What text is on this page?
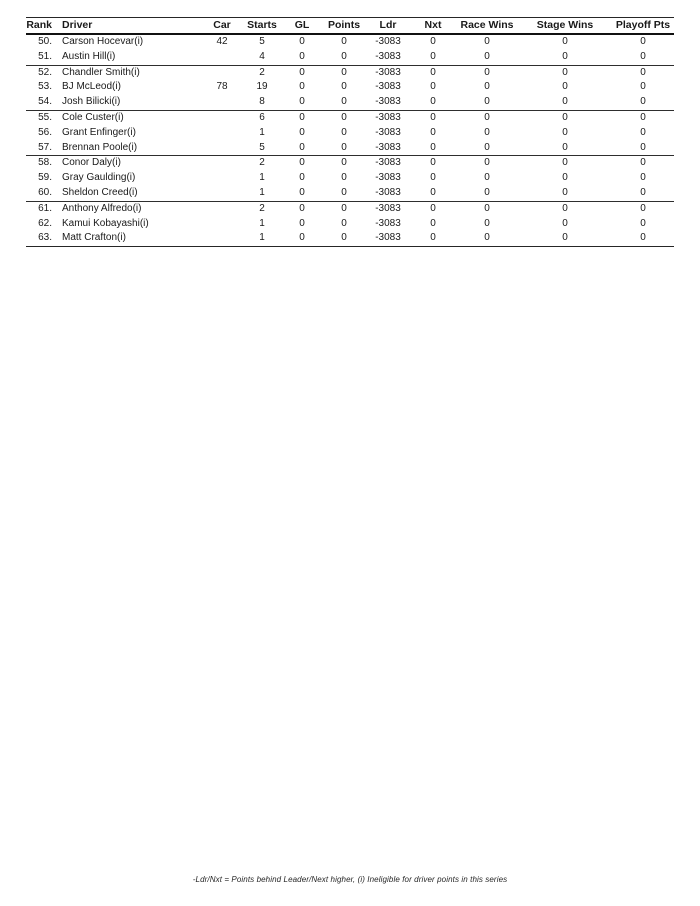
Rank	Driver	Car	Starts	GL	Points	Ldr	Nxt	Race Wins	Stage Wins	Playoff Pts
50.	Carson Hocevar(i)	42	5	0	0	-3083	0	0	0	0
51.	Austin Hill(i)		4	0	0	-3083	0	0	0	0
52.	Chandler Smith(i)		2	0	0	-3083	0	0	0	0
53.	BJ McLeod(i)	78	19	0	0	-3083	0	0	0	0
54.	Josh Bilicki(i)		8	0	0	-3083	0	0	0	0
55.	Cole Custer(i)		6	0	0	-3083	0	0	0	0
56.	Grant Enfinger(i)		1	0	0	-3083	0	0	0	0
57.	Brennan Poole(i)		5	0	0	-3083	0	0	0	0
58.	Conor Daly(i)		2	0	0	-3083	0	0	0	0
59.	Gray Gaulding(i)		1	0	0	-3083	0	0	0	0
60.	Sheldon Creed(i)		1	0	0	-3083	0	0	0	0
61.	Anthony Alfredo(i)		2	0	0	-3083	0	0	0	0
62.	Kamui Kobayashi(i)		1	0	0	-3083	0	0	0	0
63.	Matt Crafton(i)		1	0	0	-3083	0	0	0	0
-Ldr/Nxt = Points behind Leader/Next higher, (i) Ineligible for driver points in this series
